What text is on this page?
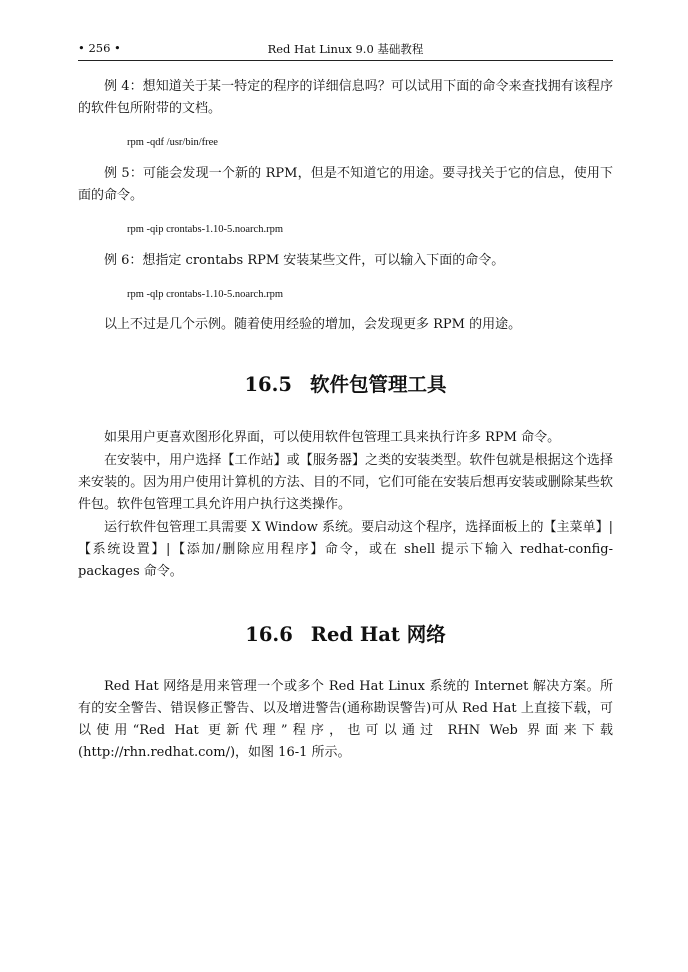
• 256 •	Red Hat Linux 9.0 基础教程

例 4：想知道关于某一特定的程序的详细信息吗？可以试用下面的命令来查找拥有该程序的软件包所附带的文档。

rpm -qdf /usr/bin/free

例 5：可能会发现一个新的 RPM，但是不知道它的用途。要寻找关于它的信息，使用下面的命令。

rpm -qip crontabs-1.10-5.noarch.rpm

例 6：想指定 crontabs RPM 安装某些文件，可以输入下面的命令。

rpm -qlp crontabs-1.10-5.noarch.rpm

以上不过是几个示例。随着使用经验的增加，会发现更多 RPM 的用途。

16.5 软件包管理工具

如果用户更喜欢图形化界面，可以使用软件包管理工具来执行许多 RPM 命令。

在安装中，用户选择【工作站】或【服务器】之类的安装类型。软件包就是根据这个选择来安装的。因为用户使用计算机的方法、目的不同，它们可能在安装后想再安装或删除某些软件包。软件包管理工具允许用户执行这类操作。

运行软件包管理工具需要 X Window 系统。要启动这个程序，选择面板上的【主菜单】|【系统设置】|【添加/删除应用程序】命令，或在 shell 提示下输入 redhat-config-packages 命令。

16.6 Red Hat 网络

Red Hat 网络是用来管理一个或多个 Red Hat Linux 系统的 Internet 解决方案。所有的安全警告、错误修正警告、以及增进警告(通称勘误警告)可从 Red Hat 上直接下载，可以使用“Red Hat 更新代理”程序，也可以通过 RHN Web 界面来下载(http://rhn.redhat.com/)，如图 16-1 所示。
